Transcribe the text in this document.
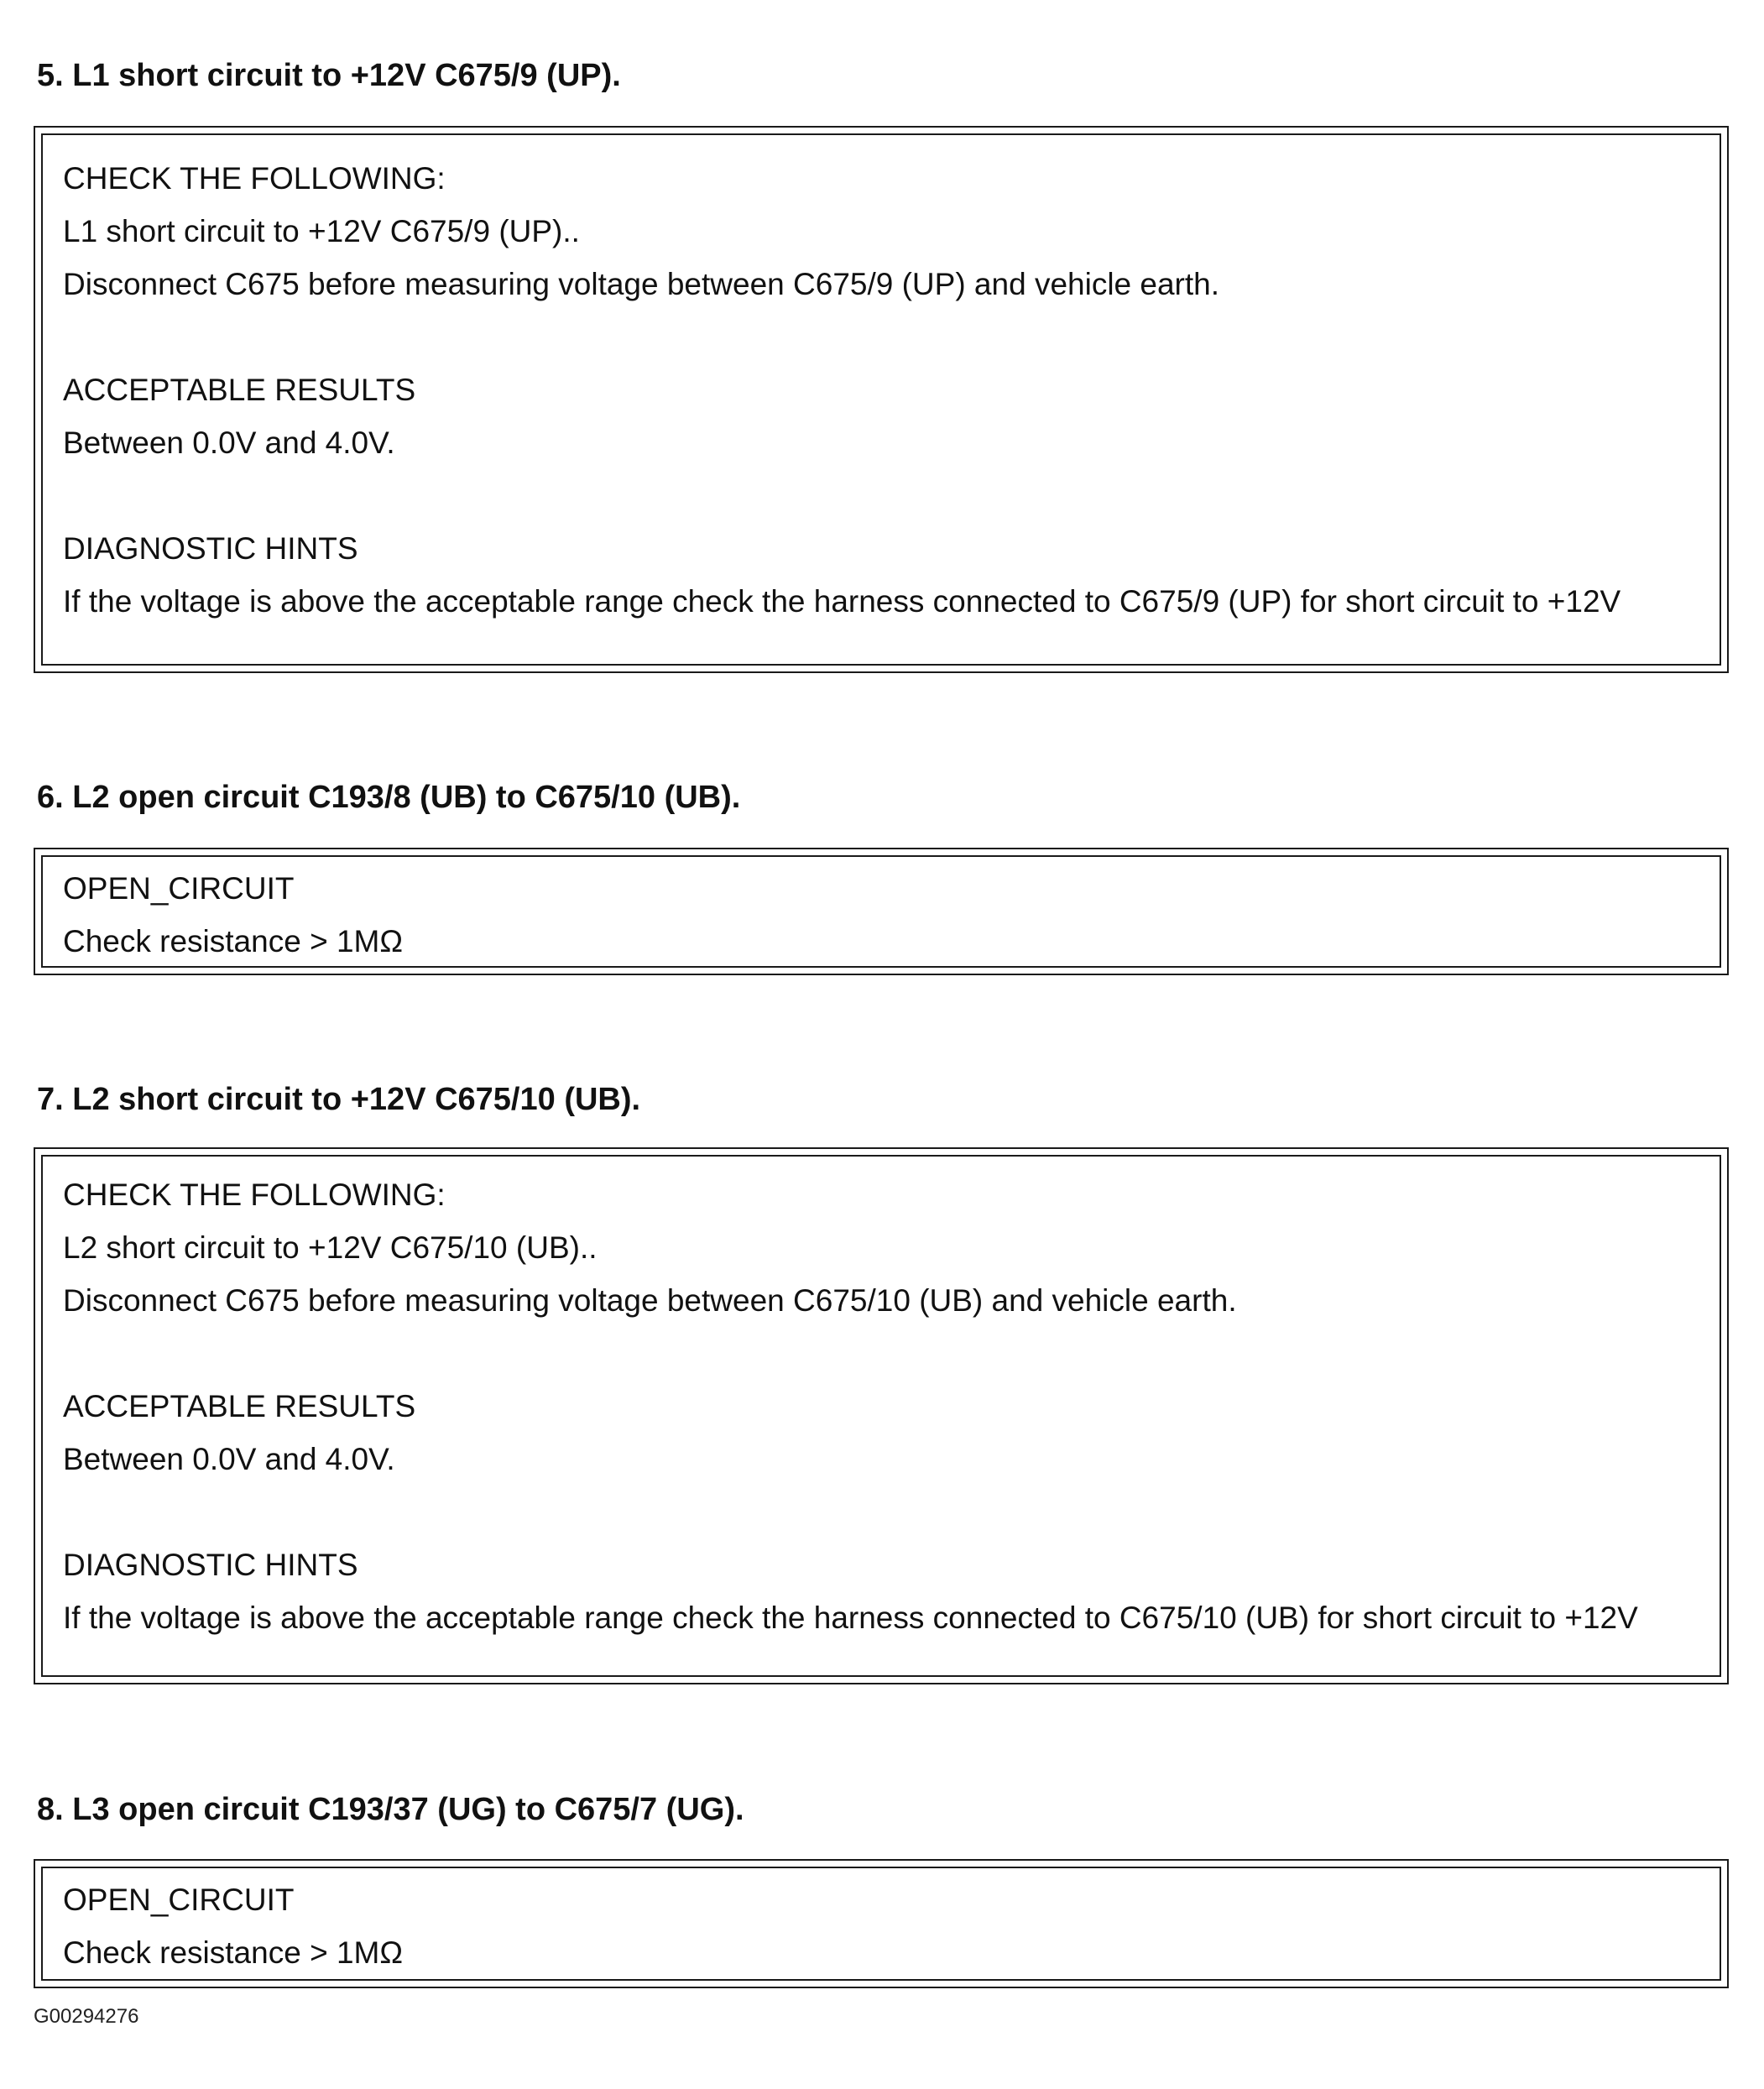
5. L1 short circuit to +12V C675/9 (UP).
CHECK THE FOLLOWING:
L1 short circuit to +12V C675/9 (UP)..
Disconnect C675 before measuring voltage between C675/9 (UP) and vehicle earth.
ACCEPTABLE RESULTS
Between 0.0V and 4.0V.
DIAGNOSTIC HINTS
If the voltage is above the acceptable range check the harness connected to C675/9 (UP) for short circuit to +12V
6. L2 open circuit C193/8 (UB) to C675/10 (UB).
OPEN_CIRCUIT
Check resistance > 1MΩ
7. L2 short circuit to +12V C675/10 (UB).
CHECK THE FOLLOWING:
L2 short circuit to +12V C675/10 (UB)..
Disconnect C675 before measuring voltage between C675/10 (UB) and vehicle earth.
ACCEPTABLE RESULTS
Between 0.0V and 4.0V.
DIAGNOSTIC HINTS
If the voltage is above the acceptable range check the harness connected to C675/10 (UB) for short circuit to +12V
8. L3 open circuit C193/37 (UG) to C675/7 (UG).
OPEN_CIRCUIT
Check resistance > 1MΩ
G00294276
